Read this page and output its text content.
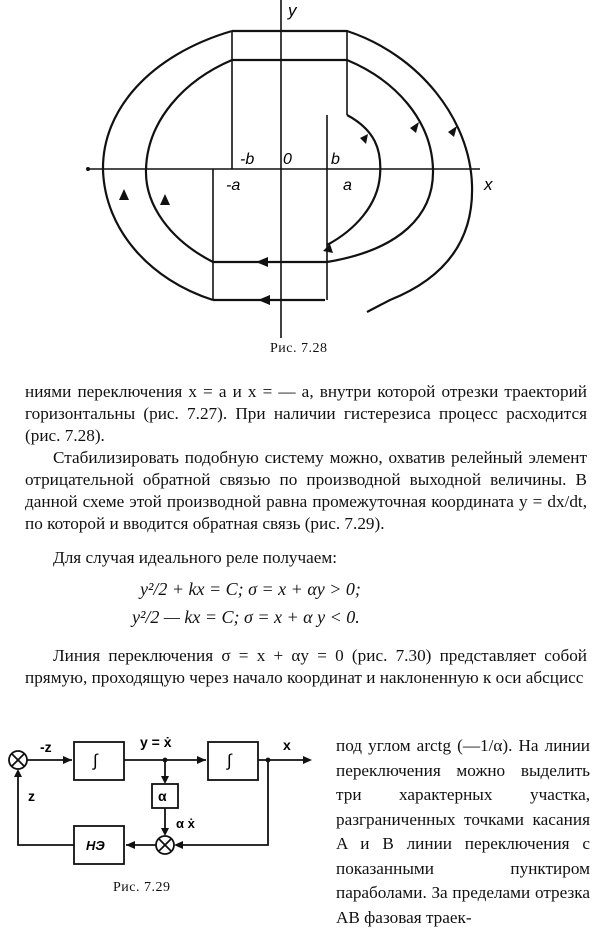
y
x
-b 0 b
-a	a
Рис. 7.28

ниями переключения x = a и x = — a, внутри которой отрезки траекторий горизонтальны (рис. 7.27). При наличии гистерезиса процесс расходится (рис. 7.28).

Стабилизировать подобную систему можно, охватив релейный элемент отрицательной обратной связью по производной выходной величины. В данной схеме этой производной равна промежуточная координата y = dx/dt, по которой и вводится обратная связь (рис. 7.29).

Для случая идеального реле получаем:

y²/2 + kx = C; σ = x + αy > 0;
y²/2 — kx = C; σ = x + α y < 0.

Линия переключения σ = x + αy = 0 (рис. 7.30) представляет собой прямую, проходящую через начало координат и наклоненную к оси абсцисс

под углом arctg (—1/α). На линии переключения можно выделить три характерных участка, разграниченных точками касания A и B линии переключения с показанными пунктиром параболами. За пределами отрезка AB фазовая траек-

-z
∫
y = ẋ
∫
x
α
α ẋ
z
НЭ
Рис. 7.29
